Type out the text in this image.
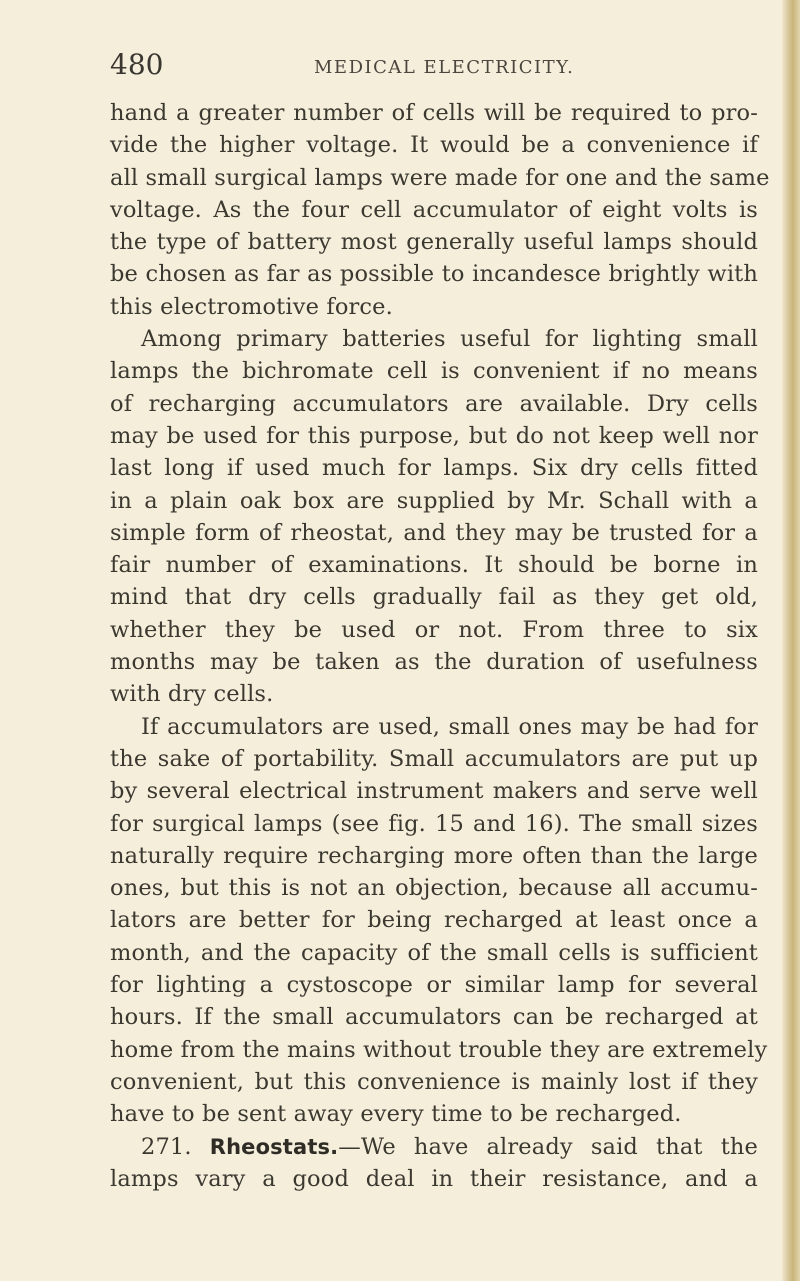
480	MEDICAL ELECTRICITY.
hand a greater number of cells will be required to pro-
vide the higher voltage. It would be a convenience if
all small surgical lamps were made for one and the same
voltage. As the four cell accumulator of eight volts is
the type of battery most generally useful lamps should
be chosen as far as possible to incandesce brightly with
this electromotive force.
Among primary batteries useful for lighting small
lamps the bichromate cell is convenient if no means
of recharging accumulators are available. Dry cells
may be used for this purpose, but do not keep well nor
last long if used much for lamps. Six dry cells fitted
in a plain oak box are supplied by Mr. Schall with a
simple form of rheostat, and they may be trusted for a
fair number of examinations. It should be borne in
mind that dry cells gradually fail as they get old,
whether they be used or not. From three to six
months may be taken as the duration of usefulness
with dry cells.
If accumulators are used, small ones may be had for
the sake of portability. Small accumulators are put up
by several electrical instrument makers and serve well
for surgical lamps (see fig. 15 and 16). The small sizes
naturally require recharging more often than the large
ones, but this is not an objection, because all accumu-
lators are better for being recharged at least once a
month, and the capacity of the small cells is sufficient
for lighting a cystoscope or similar lamp for several
hours. If the small accumulators can be recharged at
home from the mains without trouble they are extremely
convenient, but this convenience is mainly lost if they
have to be sent away every time to be recharged.
271. Rheostats.—We have already said that the
lamps vary a good deal in their resistance, and a
